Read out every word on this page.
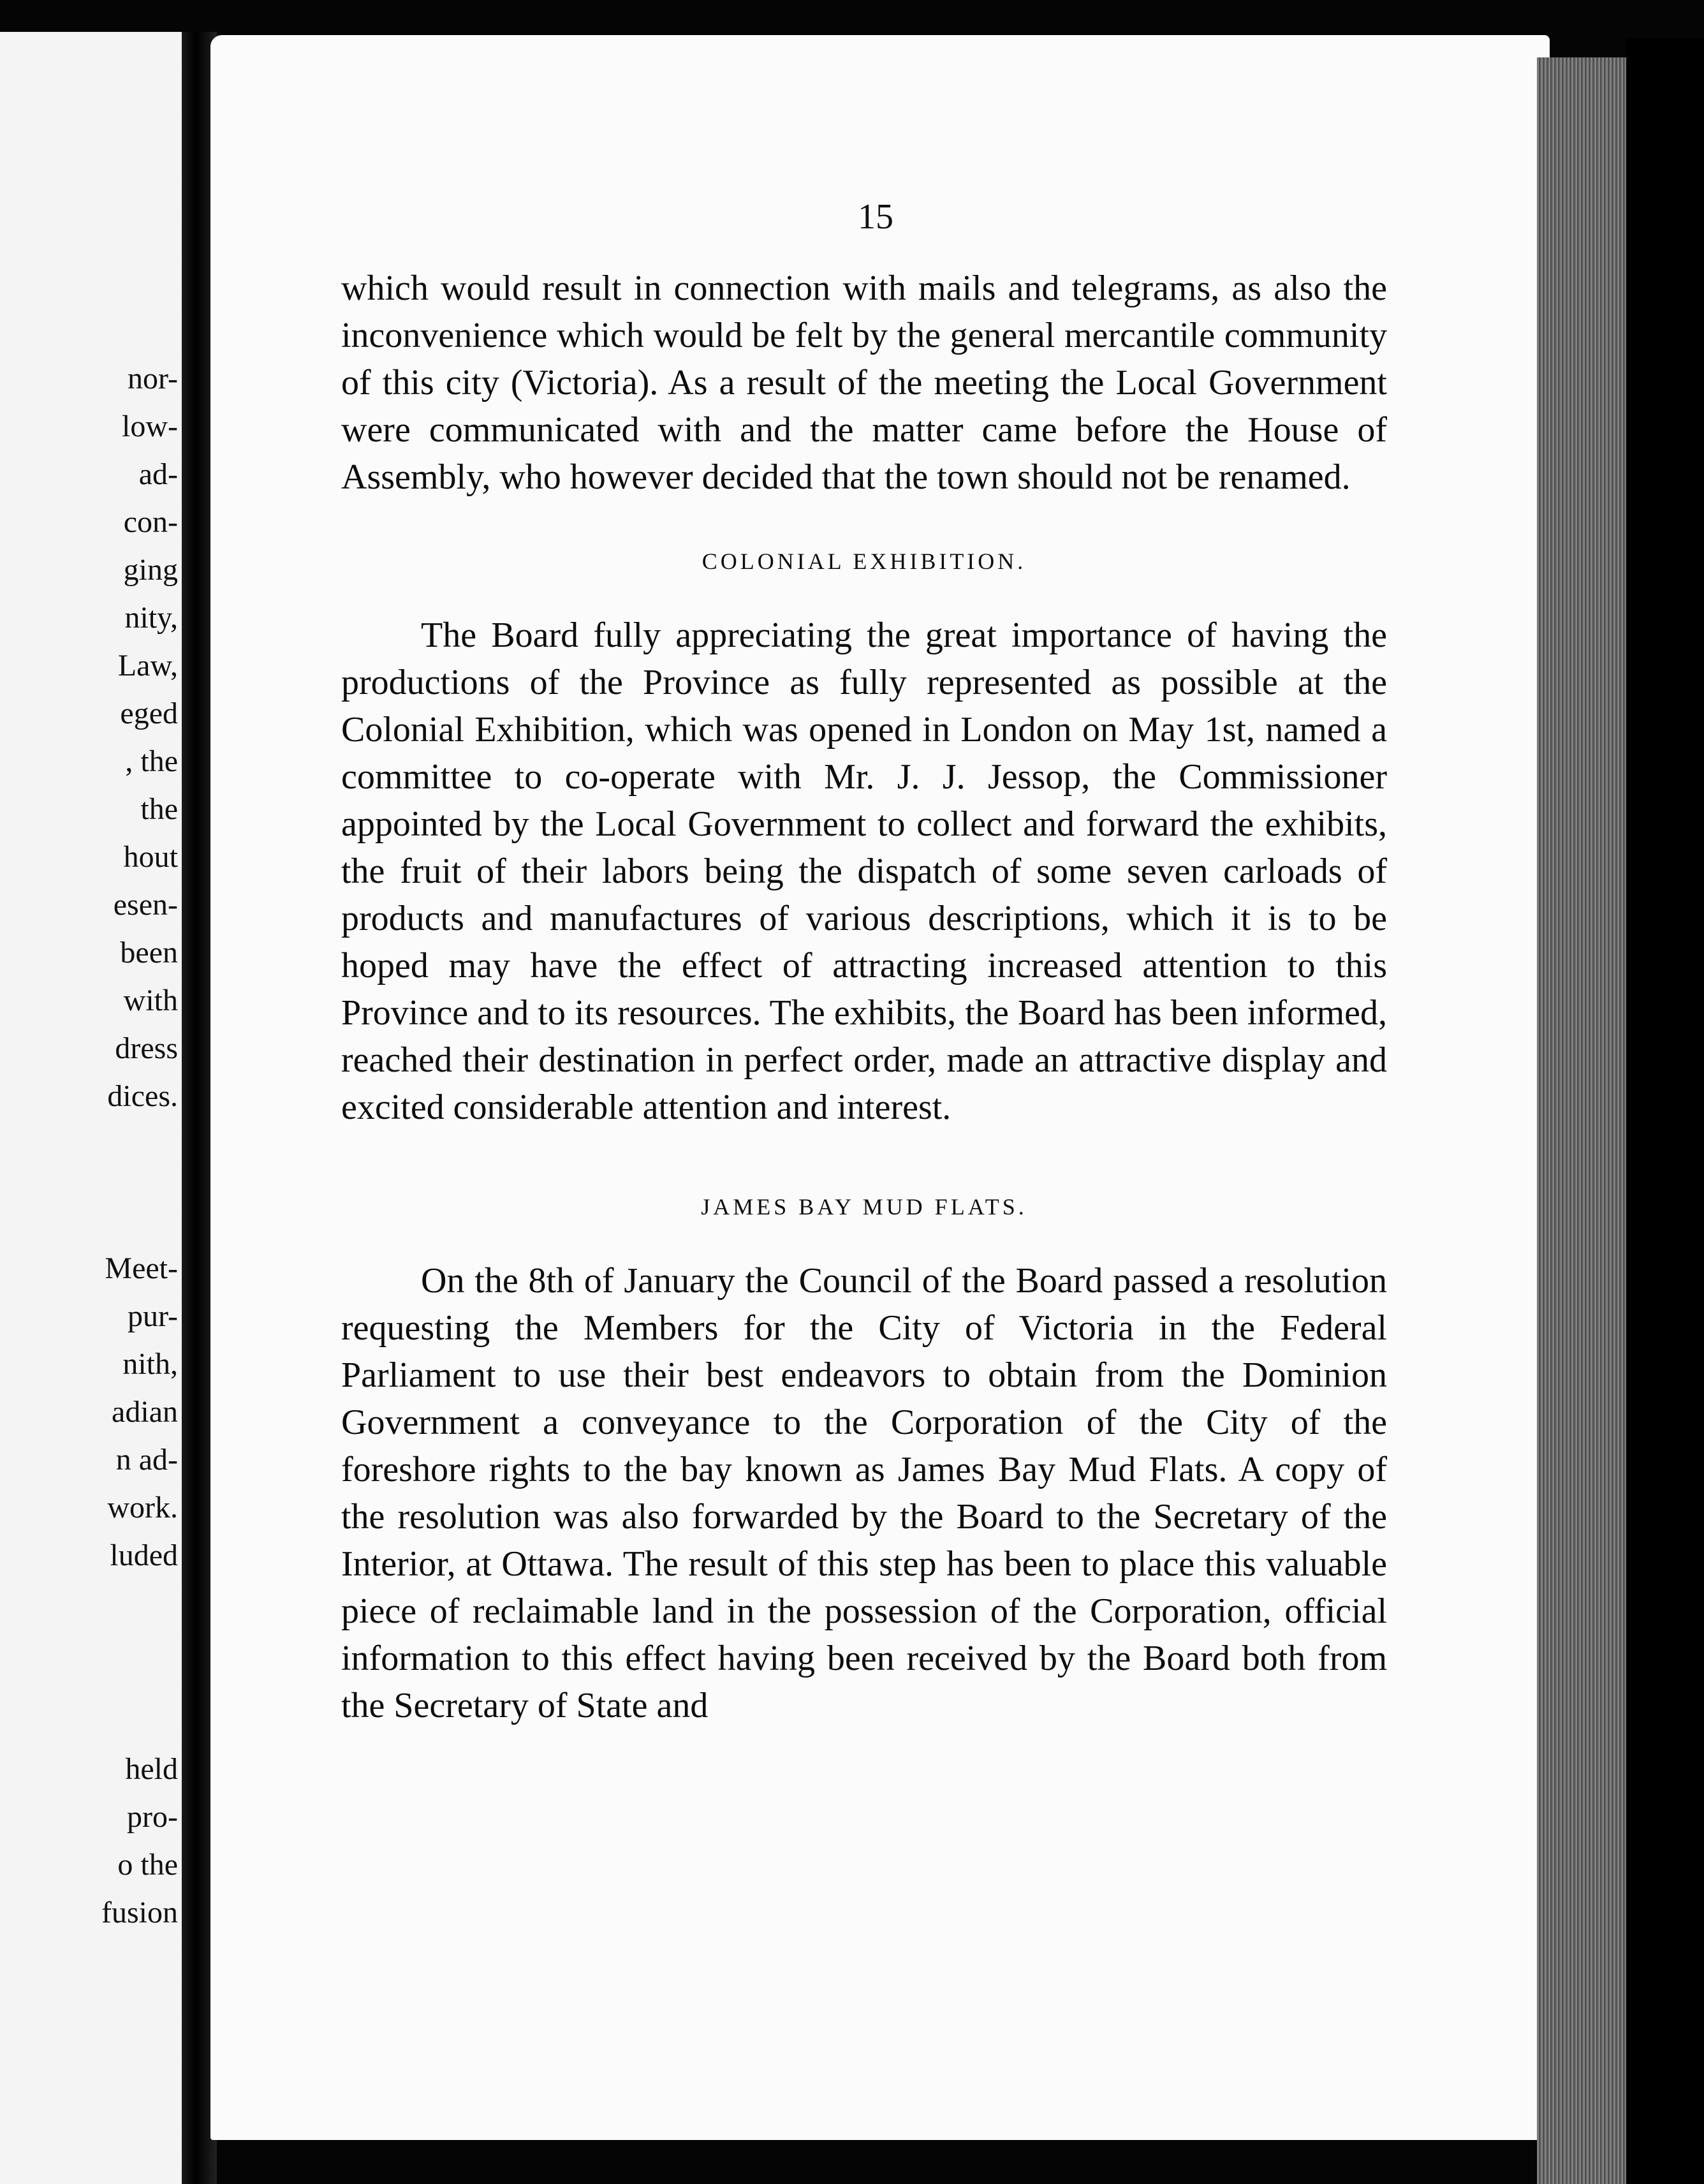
nor-
low-
ad-
con-
ging
nity,
Law,
eged
, the
the
hout
esen-
been
with
dress
dices.
Meet-
pur-
nith,
adian
n ad-
work.
luded
held
pro-
o the
fusion
15

which would result in connection with mails and telegrams, as also the inconvenience which would be felt by the general mercantile community of this city (Victoria). As a result of the meeting the Local Government were communicated with and the matter came before the House of Assembly, who however decided that the town should not be renamed.

COLONIAL EXHIBITION.

The Board fully appreciating the great importance of having the productions of the Province as fully represented as possible at the Colonial Exhibition, which was opened in London on May 1st, named a committee to co-operate with Mr. J. J. Jessop, the Commissioner appointed by the Local Government to collect and forward the exhibits, the fruit of their labors being the dispatch of some seven carloads of products and manufactures of various descriptions, which it is to be hoped may have the effect of attracting increased attention to this Province and to its resources. The exhibits, the Board has been informed, reached their destination in perfect order, made an attractive display and excited considerable attention and interest.

JAMES BAY MUD FLATS.

On the 8th of January the Council of the Board passed a resolution requesting the Members for the City of Victoria in the Federal Parliament to use their best endeavors to obtain from the Dominion Government a conveyance to the Corporation of the City of the foreshore rights to the bay known as James Bay Mud Flats. A copy of the resolution was also forwarded by the Board to the Secretary of the Interior, at Ottawa. The result of this step has been to place this valuable piece of reclaimable land in the possession of the Corporation, official information to this effect having been received by the Board both from the Secretary of State and
